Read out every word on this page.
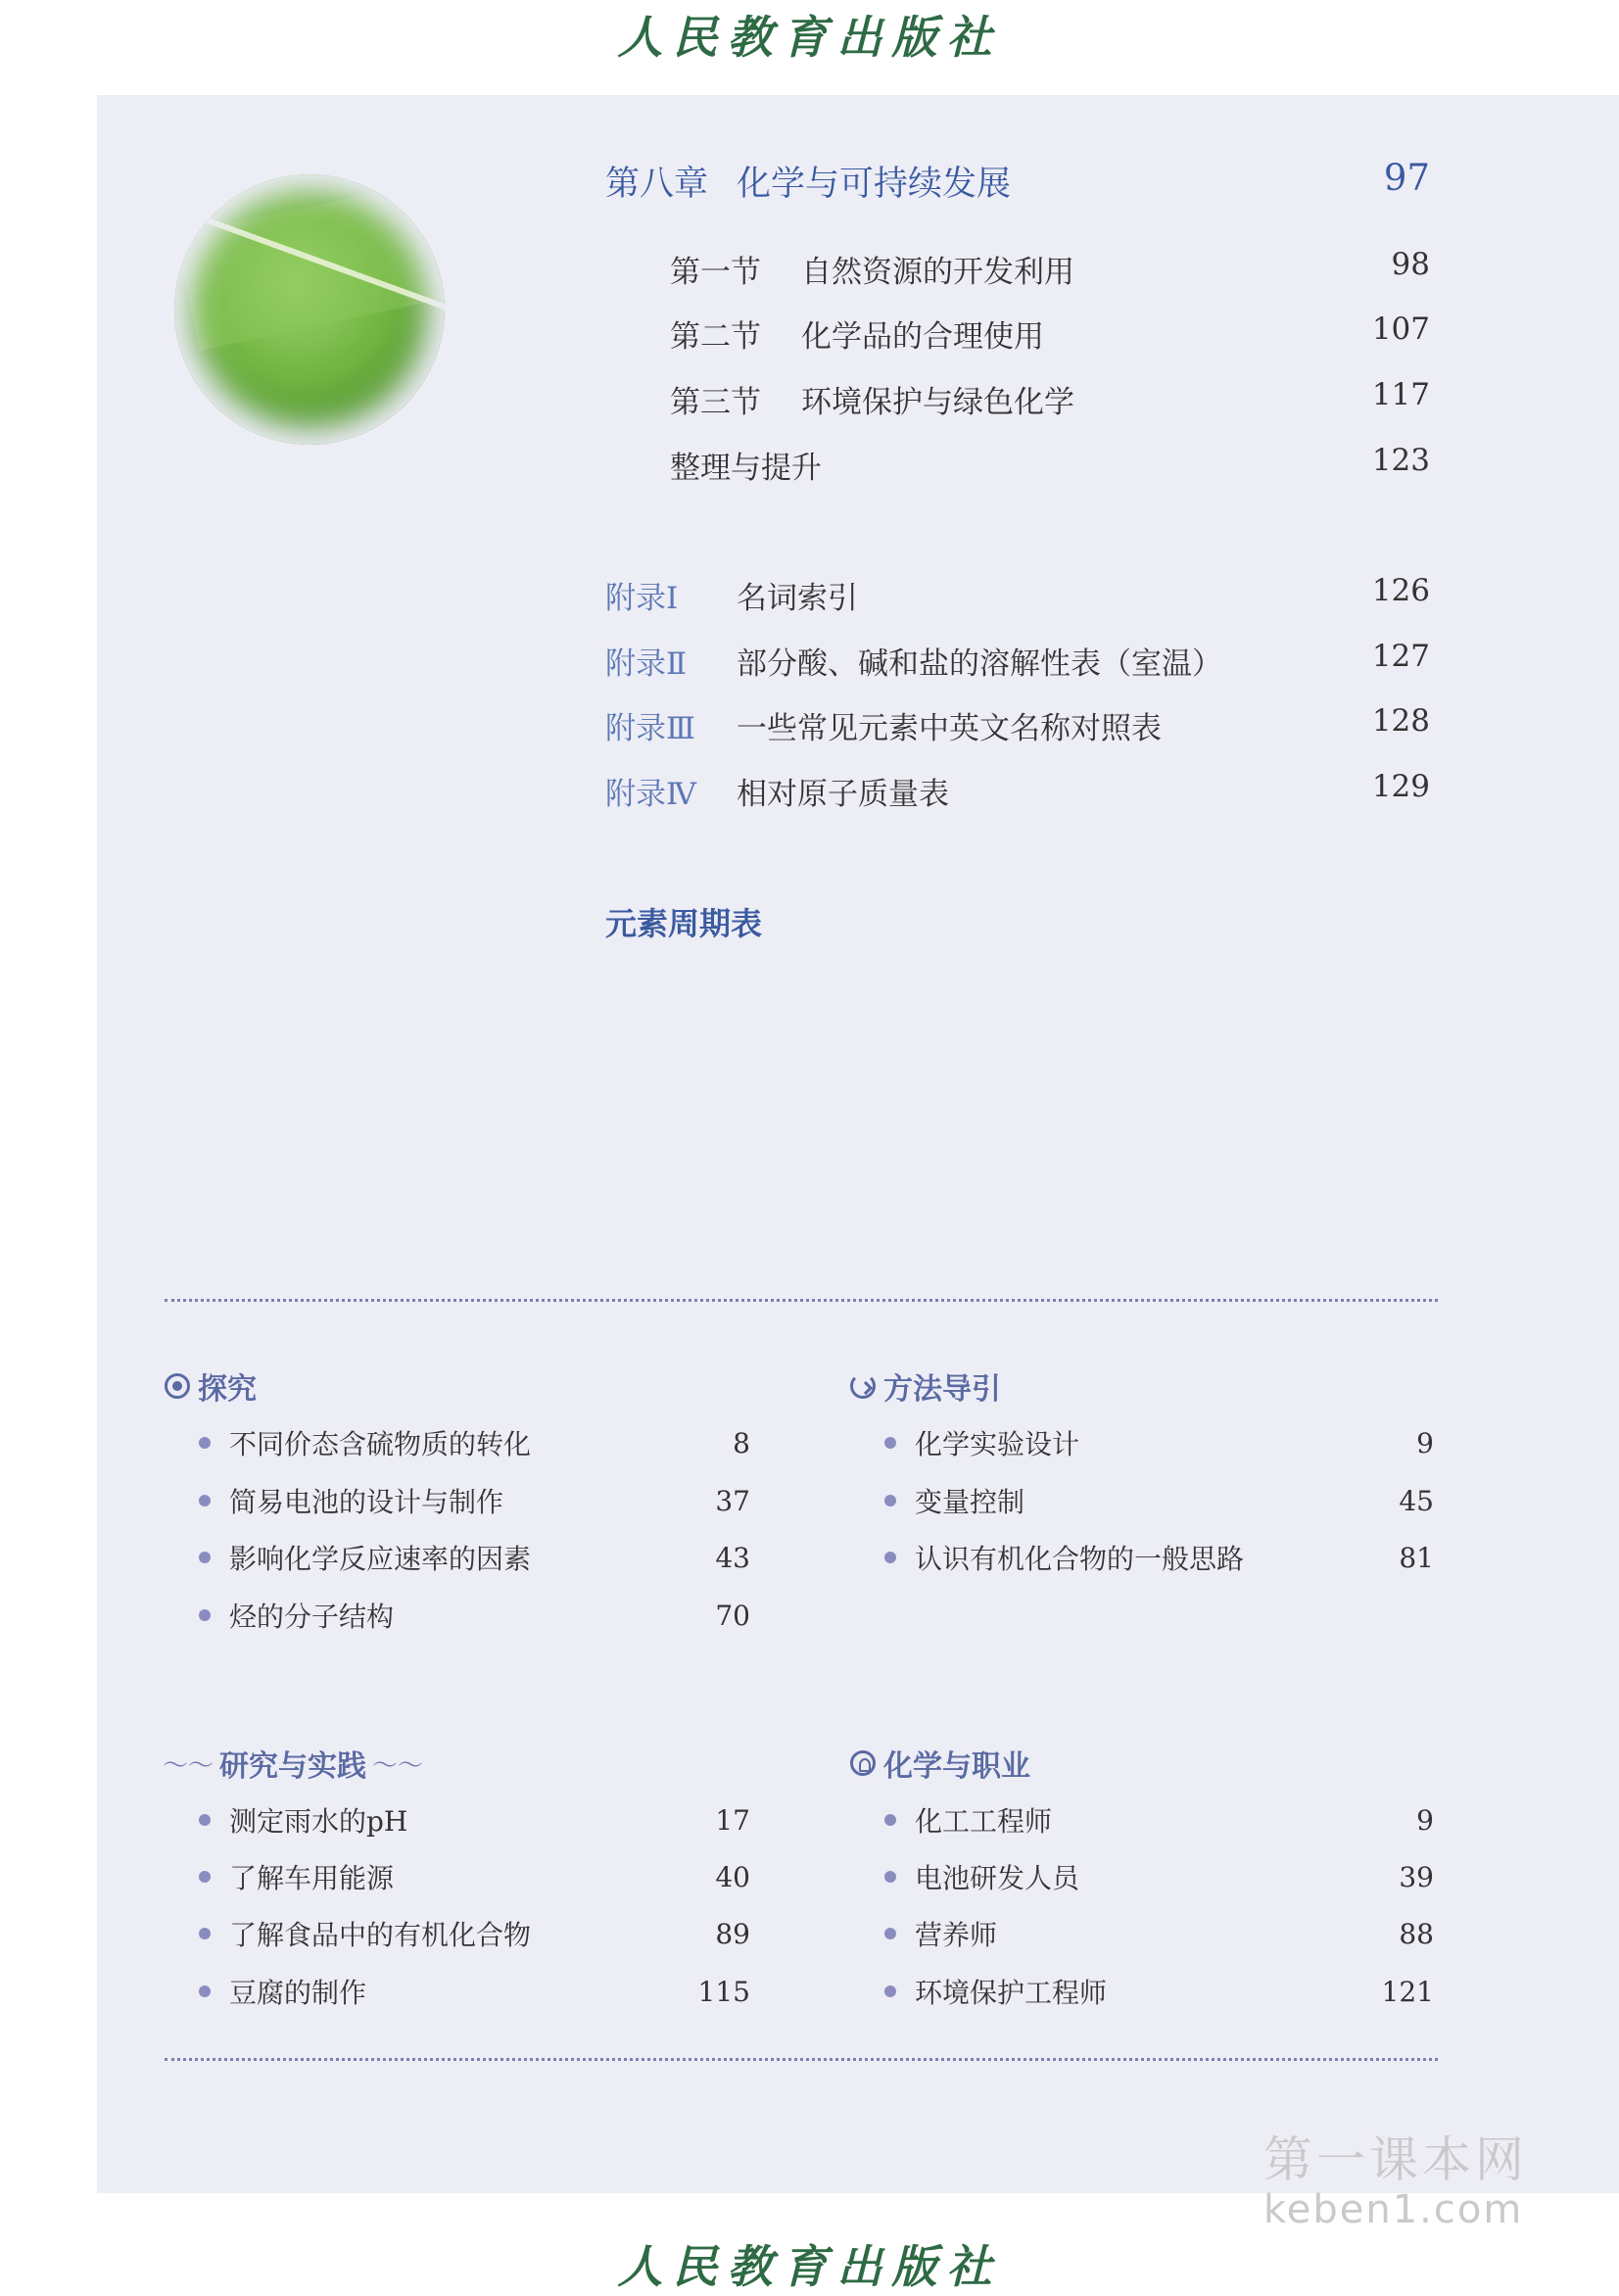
人民教育出版社
第八章 化学与可持续发展	97
第一节	自然资源的开发利用	98
第二节	化学品的合理使用	107
第三节	环境保护与绿色化学	117
整理与提升	123
附录Ⅰ	名词索引	126
附录Ⅱ	部分酸、碱和盐的溶解性表（室温）	127
附录Ⅲ	一些常见元素中英文名称对照表	128
附录Ⅳ	相对原子质量表	129
元素周期表
探究
不同价态含硫物质的转化	8
简易电池的设计与制作	37
影响化学反应速率的因素	43
烃的分子结构	70
方法导引
化学实验设计	9
变量控制	45
认识有机化合物的一般思路	81
〜〜 研究与实践 〜〜
测定雨水的pH	17
了解车用能源	40
了解食品中的有机化合物	89
豆腐的制作	115
化学与职业
化工工程师	9
电池研发人员	39
营养师	88
环境保护工程师	121
第一课本网
keben1.com
人民教育出版社
